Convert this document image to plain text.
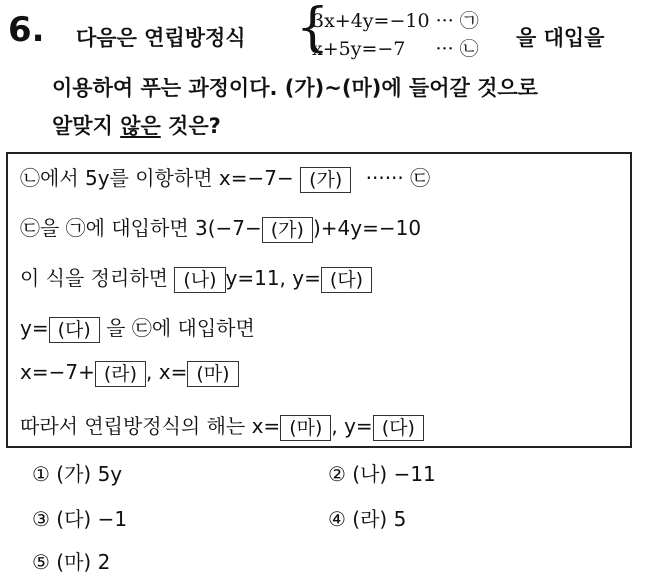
6. 다음은 연립방정식 {
3x+4y=−10 ··· ㉠
x+5y=−7 ··· ㉡ 을 대입을
이용하여 푸는 과정이다. (가)~(마)에 들어갈 것으로
알맞지 않은 것은?
㉡에서 5y를 이항하면 x=−7− (가) ······ ㉢
㉢을 ㉠에 대입하면 3(−7− (가) )+4y=−10
이 식을 정리하면 (나) y=11, y= (다)
y= (다) 을 ㉢에 대입하면
x=−7+ (라) , x= (마)
따라서 연립방정식의 해는 x= (마) , y= (다)
① (가) 5y	② (나) −11
③ (다) −1	④ (라) 5
⑤ (마) 2
